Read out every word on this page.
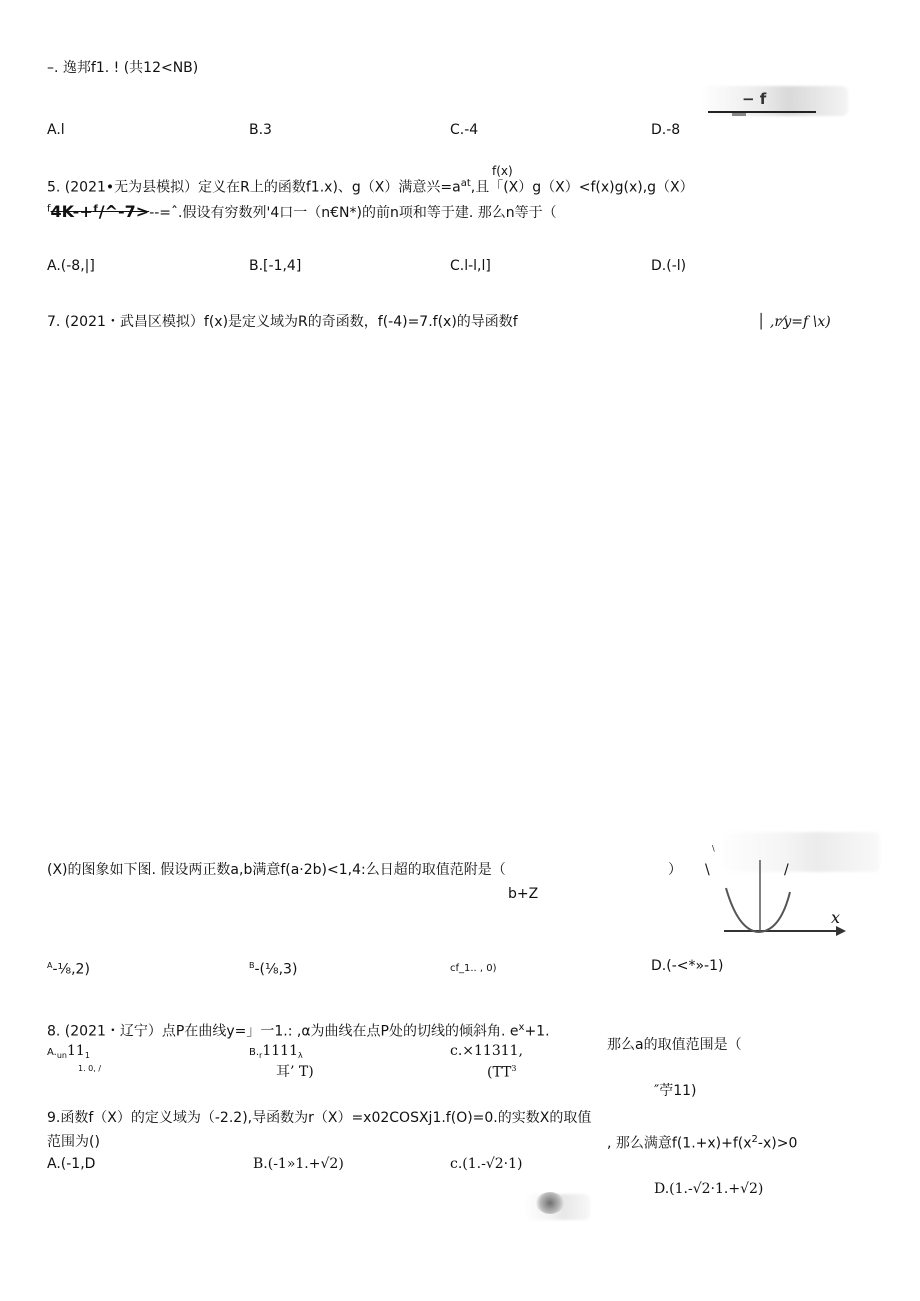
–. 逸邦f1. ! (共12<NB)
− f
A.l	B.3	C.-4	D.-8
f(x)
5. (2021•无为县模拟）定义在R上的函数f1.x)、g（X）满意兴$=a^{at}$,且「(X）g（X）<f(x)g(x),g（X）
$^f$4K-+ᶠ/^-7>--=ˆ.假设有穷数列'4口一（n€N*)的前n项和等于建. 那么n等于（
A.(-8,|]	B.[-1,4]	C.l-l,l]	D.(-l)
7. (2021・武昌区模拟）f(x)是定义域为R的奇函数，f(-4)=7.f(x)的导函数f	│ ,r⁄y=f \x)
(X)的图象如下图. 假设两正数a,b满意f(a·2b)<1,4:么日超的取值范附是（	）
b+Z
x
\	/
\
$^A$-⅛,2)	$^B$-(⅛,3)	cf_1.. , 0)	D.(-<*»-1)
8. (2021・辽宁）点P在曲线y=」一1.: ,α为曲线在点P处的切线的倾斜角. $e^x+1$.
$A._{un}11_1$
1. 0, /
$B._r1111_\lambda$
耳’ T)
c.×11311,
($TT^3$
那么a的取值范围是（
″苧11)
9.函数f（X）的定义域为（-2.2),导函数为r（X）=x02COSXj1.f(O)=0.的实数X的取值
范围为()	, 那么满意$f(1.+x)+f(x^2-x)>0$
A.(-1,D	B.(-1»1.+√2)	c.(1.-√2·1)
D.(1.-√2·1.+√2)
